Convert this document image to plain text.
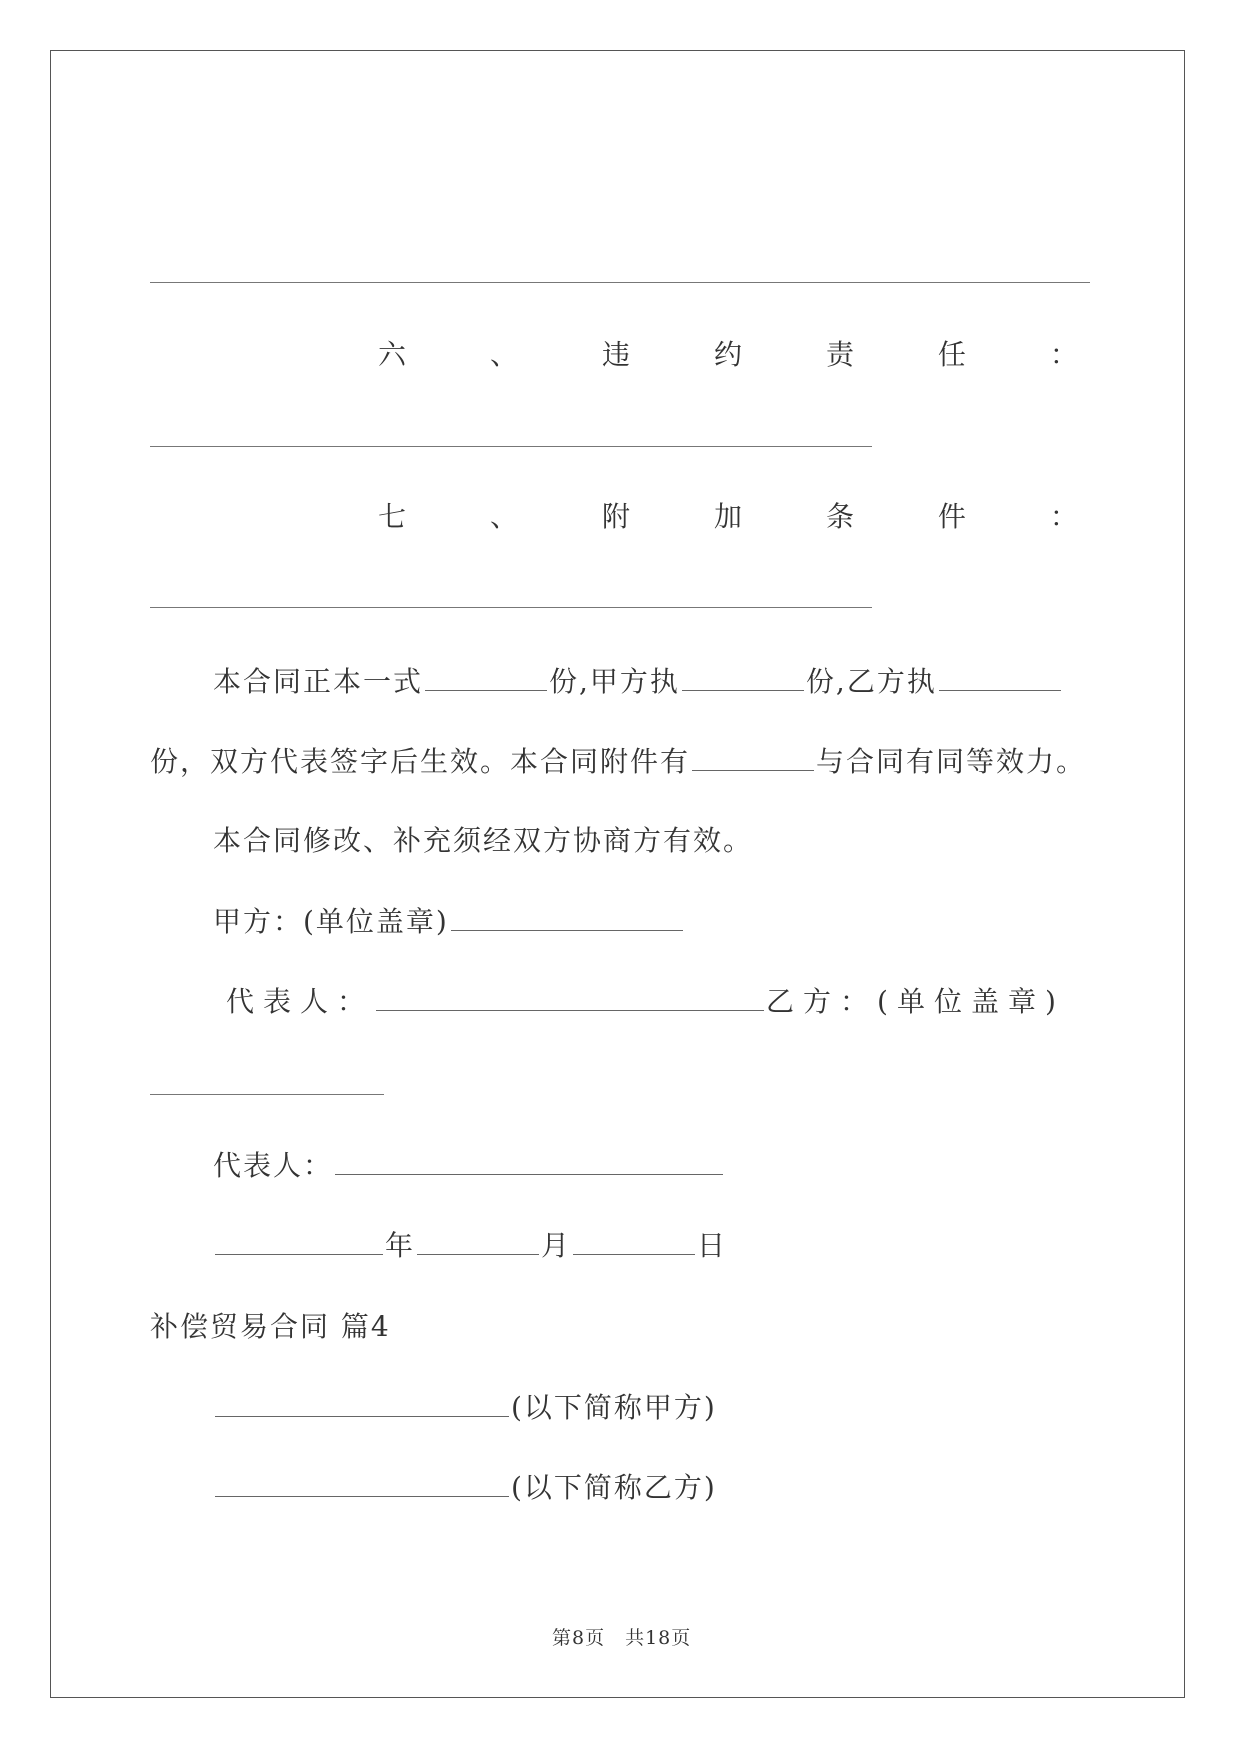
六	、	违	约	责	任	：
七	、	附	加	条	件	：
本合同正本一式	份,甲方执	份,乙方执
份，双方代表签字后生效。本合同附件有	与合同有同等效力。
本合同修改、补充须经双方协商方有效。
甲方：(单位盖章)
代表人：	乙方：(单位盖章)
代表人：
年	月	日
补偿贸易合同 篇4
(以下简称甲方)
(以下简称乙方)
第8页　共18页
